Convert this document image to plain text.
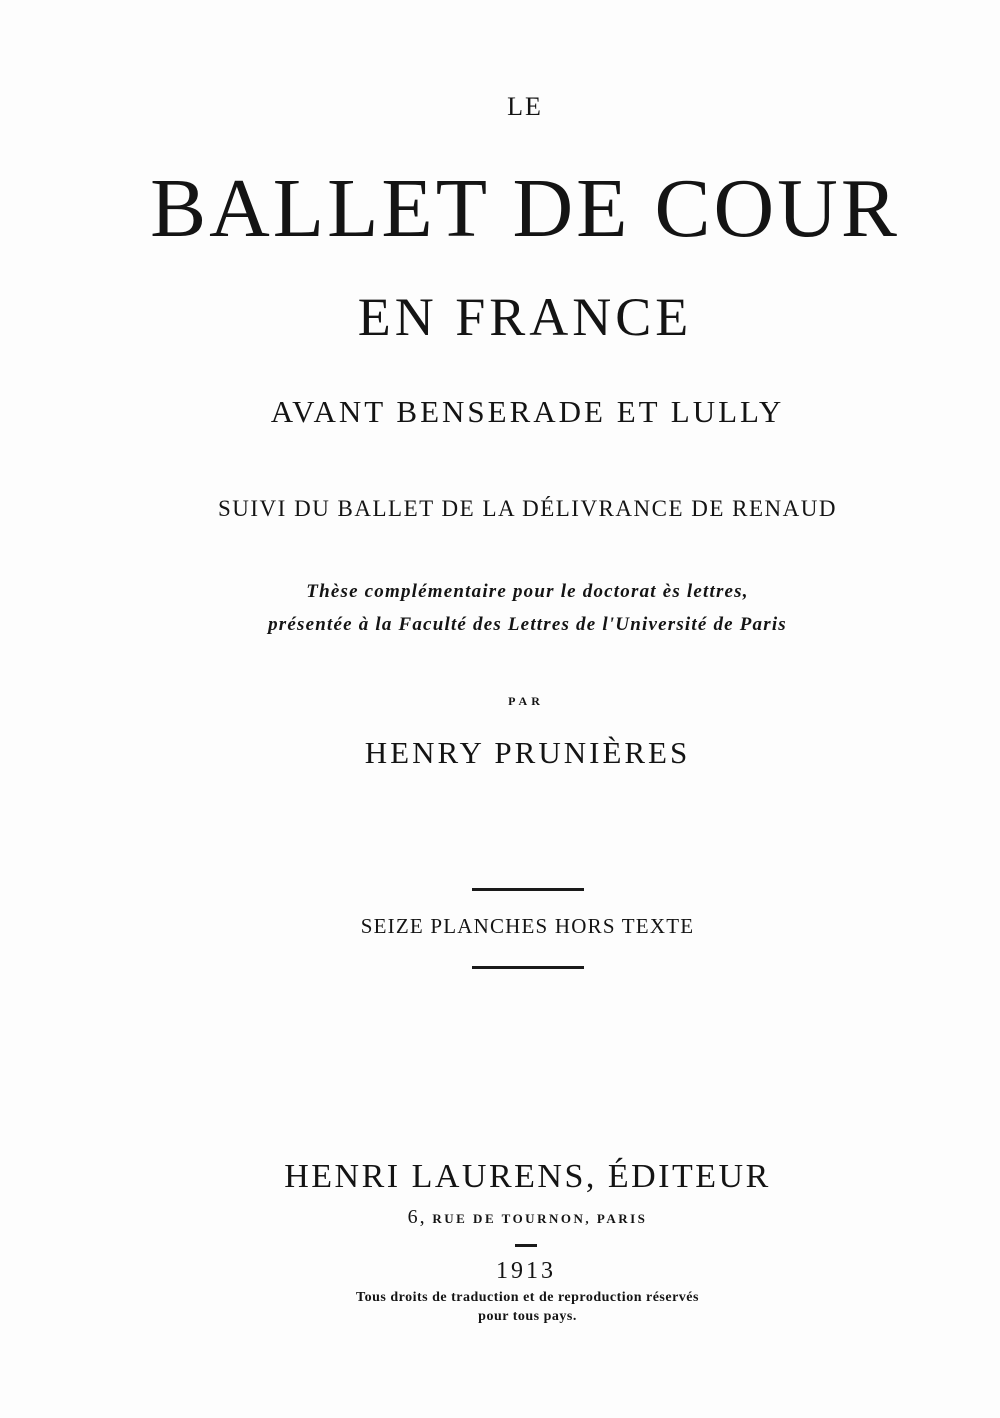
LE
BALLET DE COUR
EN FRANCE
AVANT BENSERADE ET LULLY
SUIVI DU BALLET DE LA DÉLIVRANCE DE RENAUD
Thèse complémentaire pour le doctorat ès lettres,
présentée à la Faculté des Lettres de l'Université de Paris
PAR
HENRY PRUNIÈRES
SEIZE PLANCHES HORS TEXTE
HENRI LAURENS, ÉDITEUR
6, RUE DE TOURNON, PARIS
1913
Tous droits de traduction et de reproduction réservés
pour tous pays.
